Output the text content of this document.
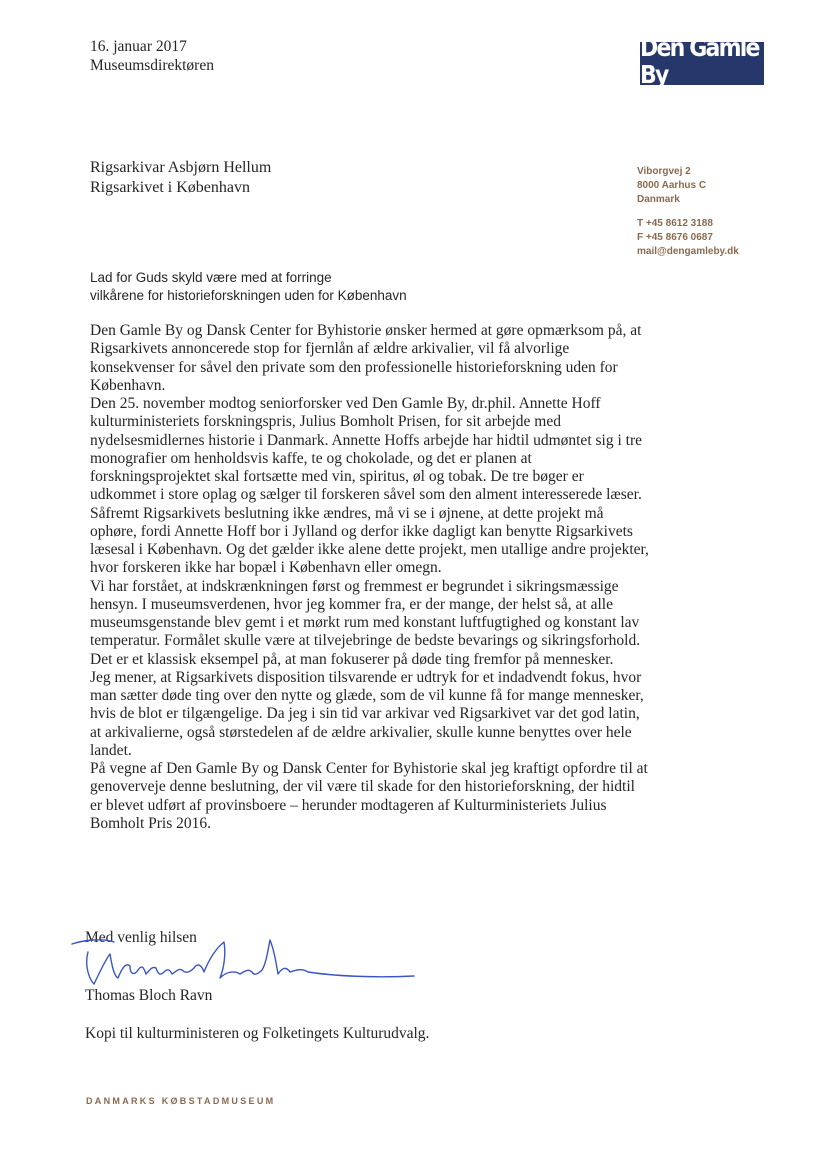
16. januar 2017
Museumsdirektøren
Den Gamle By
Rigsarkivar Asbjørn Hellum
Rigsarkivet i København
Viborgvej 2
8000 Aarhus C
Danmark
T +45 8612 3188
F +45 8676 0687
mail@dengamleby.dk
Lad for Guds skyld være med at forringe
vilkårene for historieforskningen uden for København

Den Gamle By og Dansk Center for Byhistorie ønsker hermed at gøre opmærksom på, at Rigsarkivets annoncerede stop for fjernlån af ældre arkivalier, vil få alvorlige konsekvenser for såvel den private som den professionelle historieforskning uden for København.

Den 25. november modtog seniorforsker ved Den Gamle By, dr.phil. Annette Hoff kulturministeriets forskningspris, Julius Bomholt Prisen, for sit arbejde med nydelsesmidlernes historie i Danmark. Annette Hoffs arbejde har hidtil udmøntet sig i tre monografier om henholdsvis kaffe, te og chokolade, og det er planen at forskningsprojektet skal fortsætte med vin, spiritus, øl og tobak. De tre bøger er udkommet i store oplag og sælger til forskeren såvel som den alment interesserede læser.

Såfremt Rigsarkivets beslutning ikke ændres, må vi se i øjnene, at dette projekt må ophøre, fordi Annette Hoff bor i Jylland og derfor ikke dagligt kan benytte Rigsarkivets læsesal i København. Og det gælder ikke alene dette projekt, men utallige andre projekter, hvor forskeren ikke har bopæl i København eller omegn.

Vi har forstået, at indskrænkningen først og fremmest er begrundet i sikringsmæssige hensyn. I museumsverdenen, hvor jeg kommer fra, er der mange, der helst så, at alle museumsgenstande blev gemt i et mørkt rum med konstant luftfugtighed og konstant lav temperatur. Formålet skulle være at tilvejebringe de bedste bevarings og sikringsforhold. Det er et klassisk eksempel på, at man fokuserer på døde ting fremfor på mennesker.

Jeg mener, at Rigsarkivets disposition tilsvarende er udtryk for et indadvendt fokus, hvor man sætter døde ting over den nytte og glæde, som de vil kunne få for mange mennesker, hvis de blot er tilgængelige. Da jeg i sin tid var arkivar ved Rigsarkivet var det god latin, at arkivalierne, også størstedelen af de ældre arkivalier, skulle kunne benyttes over hele landet.

På vegne af Den Gamle By og Dansk Center for Byhistorie skal jeg kraftigt opfordre til at genoverveje denne beslutning, der vil være til skade for den historieforskning, der hidtil er blevet udført af provinsboere – herunder modtageren af Kulturministeriets Julius Bomholt Pris 2016.

Med venlig hilsen
Thomas Bloch Ravn
Kopi til kulturministeren og Folketingets Kulturudvalg.
DANMARKS KØBSTADMUSEUM
